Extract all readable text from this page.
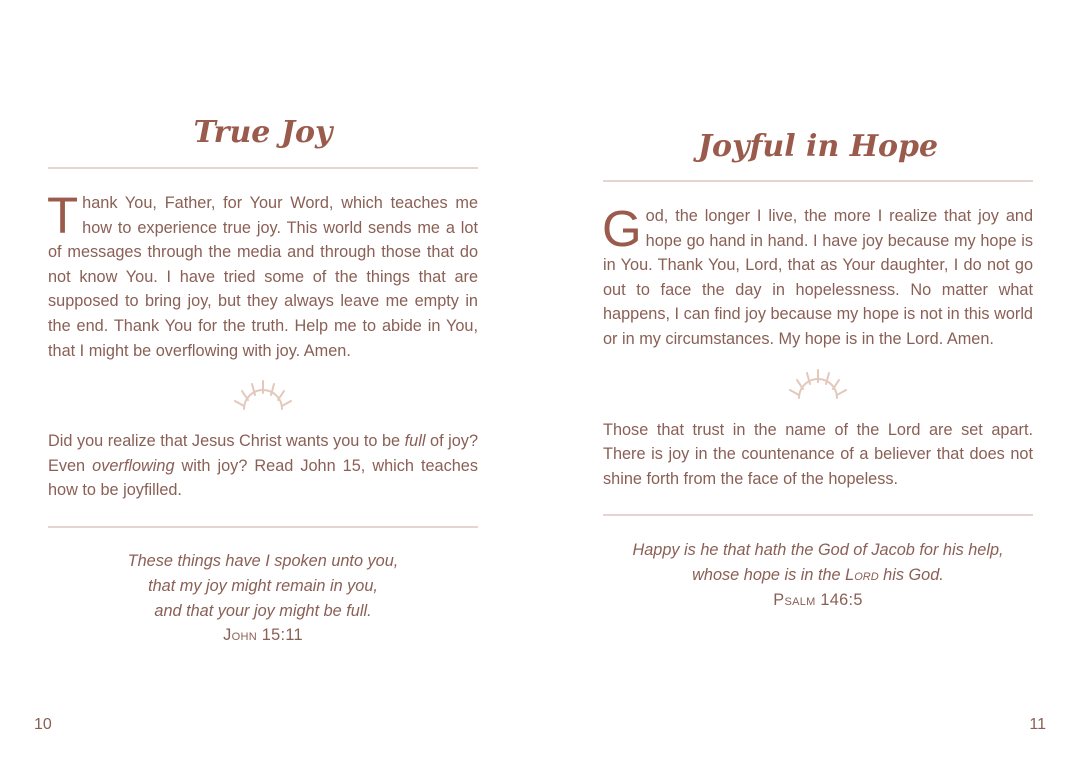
True Joy

Thank You, Father, for Your Word, which teaches me how to experience true joy. This world sends me a lot of messages through the media and through those that do not know You. I have tried some of the things that are supposed to bring joy, but they always leave me empty in the end. Thank You for the truth. Help me to abide in You, that I might be overflowing with joy. Amen.

Did you realize that Jesus Christ wants you to be full of joy? Even overflowing with joy? Read John 15, which teaches how to be joyfilled.

These things have I spoken unto you,
that my joy might remain in you,
and that your joy might be full.
John 15:11

Joyful in Hope

God, the longer I live, the more I realize that joy and hope go hand in hand. I have joy because my hope is in You. Thank You, Lord, that as Your daughter, I do not go out to face the day in hopelessness. No matter what happens, I can find joy because my hope is not in this world or in my circumstances. My hope is in the Lord. Amen.

Those that trust in the name of the Lord are set apart. There is joy in the countenance of a believer that does not shine forth from the face of the hopeless.

Happy is he that hath the God of Jacob for his help,
whose hope is in the Lord his God.
Psalm 146:5

10	11
